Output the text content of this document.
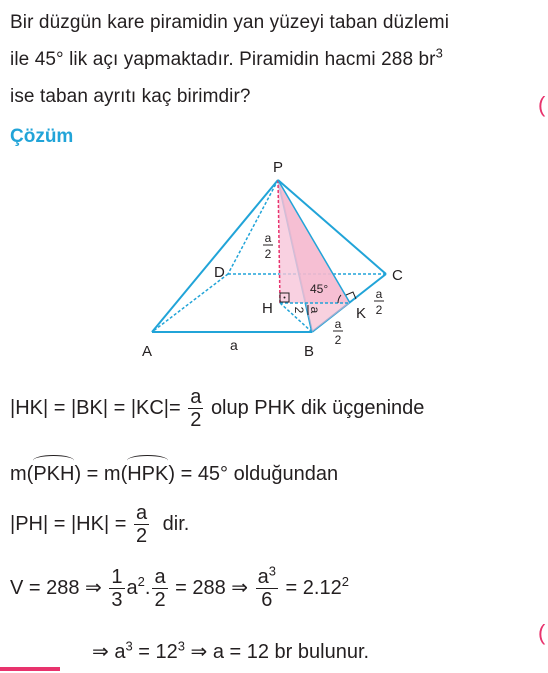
Bir düzgün kare piramidin yan yüzeyi taban düzlemi
ile 45° lik açı yapmaktadır. Piramidin hacmi 288 $br^3$
ise taban ayrıtı kaç birimdir?	(
(
Çözüm
P
A	B
C
D
H	K
a
45°
a
2
a
2
a
2
a
2
$|HK| = |BK| = |KC|= \frac{a}{2}$ olup PHK dik üçgeninde
m(PKH) = m(HPK) = 45° olduğundan
$|PH| = |HK| = \frac{a}{2}$ dir.
V = 288 ⇒ $\frac{1}{3} a^2$. $\frac{a}{2} = 288$ ⇒ $\frac{a^3}{6} = 2.12^2$
⇒ $a^3 = 12^3$ ⇒ a = 12 br bulunur.
